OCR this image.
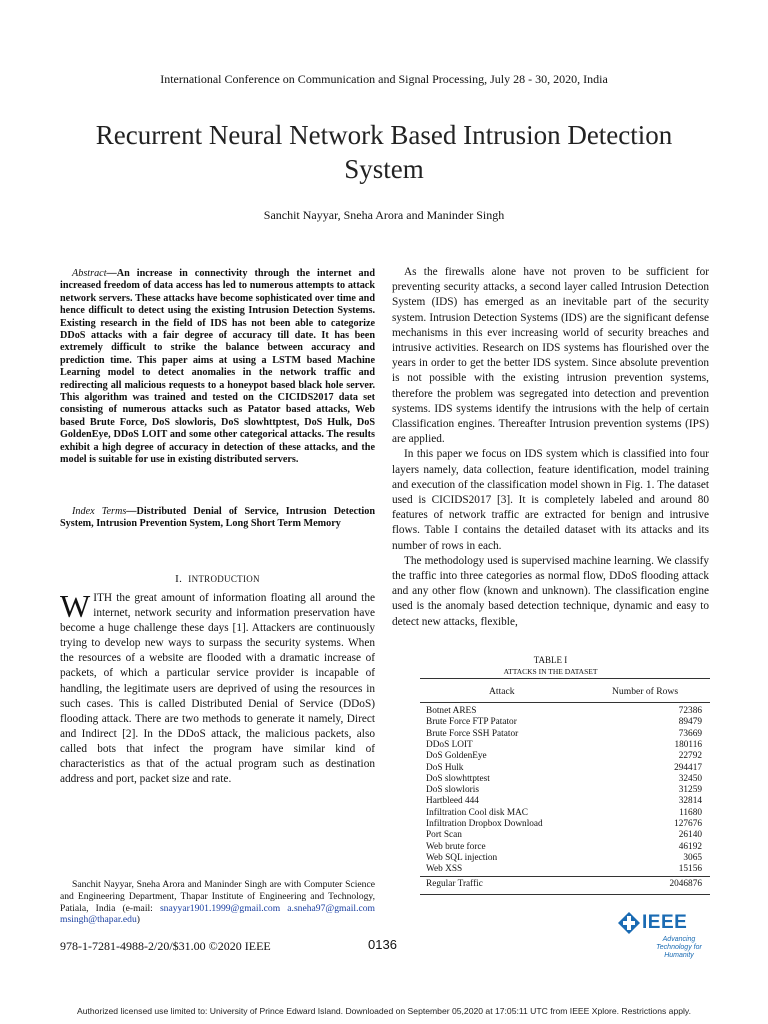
International Conference on Communication and Signal Processing, July 28 - 30, 2020, India
Recurrent Neural Network Based Intrusion Detection System
Sanchit Nayyar, Sneha Arora and Maninder Singh
Abstract—An increase in connectivity through the internet and increased freedom of data access has led to numerous attempts to attack network servers. These attacks have become sophisticated over time and hence difficult to detect using the existing Intrusion Detection Systems. Existing research in the field of IDS has not been able to categorize DDoS attacks with a fair degree of accuracy till date. It has been extremely difficult to strike the balance between accuracy and prediction time. This paper aims at using a LSTM based Machine Learning model to detect anomalies in the network traffic and redirecting all malicious requests to a honeypot based black hole server. This algorithm was trained and tested on the CICIDS2017 data set consisting of numerous attacks such as Patator based attacks, Web based Brute Force, DoS slowloris, DoS slowhttptest, DoS Hulk, DoS GoldenEye, DDoS LOIT and some other categorical attacks. The results exhibit a high degree of accuracy in detection of these attacks, and the model is suitable for use in existing distributed servers.
Index Terms—Distributed Denial of Service, Intrusion Detection System, Intrusion Prevention System, Long Short Term Memory
I. INTRODUCTION
WITH the great amount of information floating all around the internet, network security and information preservation have become a huge challenge these days [1]. Attackers are continuously trying to develop new ways to surpass the security systems. When the resources of a website are flooded with a dramatic increase of packets, of which a particular service provider is incapable of handling, the legitimate users are deprived of using the resources in such cases. This is called Distributed Denial of Service (DDoS) flooding attack. There are two methods to generate it namely, Direct and Indirect [2]. In the DDoS attack, the malicious packets, also called bots that infect the program have similar kind of characteristics as that of the actual program such as destination address and port, packet size and rate.
Sanchit Nayyar, Sneha Arora and Maninder Singh are with Computer Science and Engineering Department, Thapar Institute of Engineering and Technology, Patiala, India (e-mail: snayyar1901.1999@gmail.com a.sneha97@gmail.com msingh@thapar.edu)
978-1-7281-4988-2/20/$31.00 ©2020 IEEE	0136

As the firewalls alone have not proven to be sufficient for preventing security attacks, a second layer called Intrusion Detection System (IDS) has emerged as an inevitable part of the security system. Intrusion Detection Systems (IDS) are the significant defense mechanisms in this ever increasing world of security breaches and intrusive activities. Research on IDS systems has flourished over the years in order to get the better IDS system. Since absolute prevention is not possible with the existing intrusion prevention systems, therefore the problem was segregated into detection and prevention systems. IDS systems identify the intrusions with the help of certain Classification engines. Thereafter Intrusion prevention systems (IPS) are applied.

In this paper we focus on IDS system which is classified into four layers namely, data collection, feature identification, model training and execution of the classification model shown in Fig. 1. The dataset used is CICIDS2017 [3]. It is completely labeled and around 80 features of network traffic are extracted for benign and intrusive flows. Table I contains the detailed dataset with its attacks and its number of rows in each.

The methodology used is supervised machine learning. We classify the traffic into three categories as normal flow, DDoS flooding attack and any other flow (known and unknown). The classification engine used is the anomaly based detection technique, dynamic and easy to detect new attacks, flexible,

TABLE I
ATTACKS IN THE DATASET
Attack	Number of Rows
Botnet ARES	72386
Brute Force FTP Patator	89479
Brute Force SSH Patator	73669
DDoS LOIT	180116
DoS GoldenEye	22792
DoS Hulk	294417
DoS slowhttptest	32450
DoS slowloris	31259
Hartbleed 444	32814
Infiltration Cool disk MAC	11680
Infiltration Dropbox Download	127676
Port Scan	26140
Web brute force	46192
Web SQL injection	3065
Web XSS	15156
Regular Traffic	2046876
IEEE
Advancing Technology for Humanity
Authorized licensed use limited to: University of Prince Edward Island. Downloaded on September 05,2020 at 17:05:11 UTC from IEEE Xplore. Restrictions apply.
